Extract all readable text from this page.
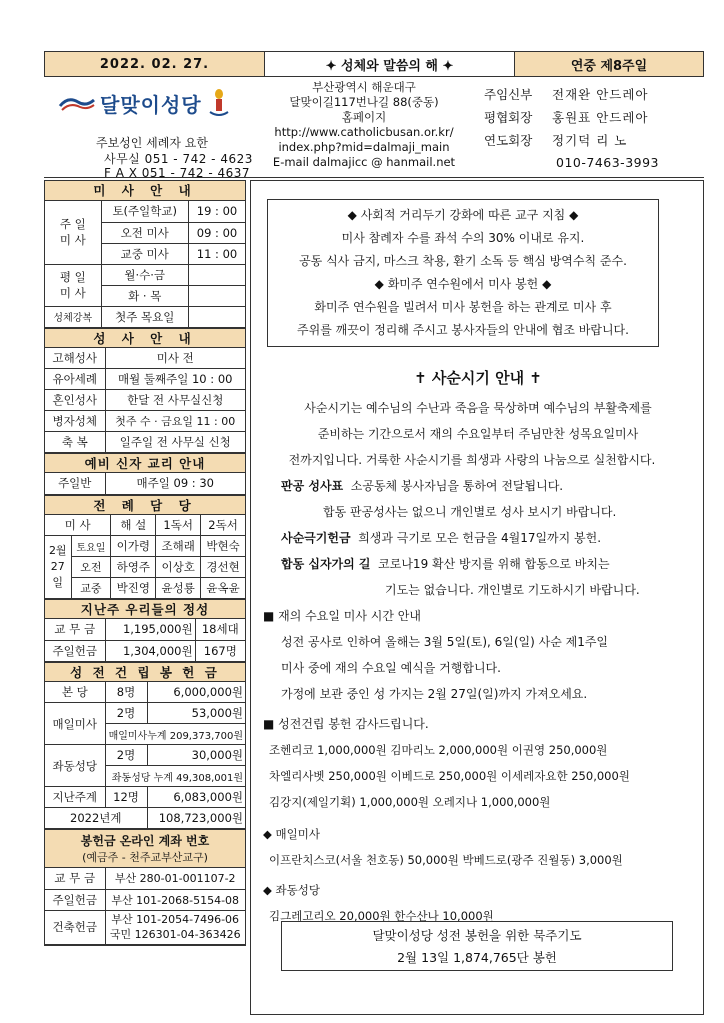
2022. 02. 27.	✦ 성체와 말씀의 해 ✦	연중 제8주일
달맞이성당
주보성인 세례자 요한
사무실 051 - 742 - 4623
F A X 051 - 742 - 4637
부산광역시 해운대구
달맞이길117번나길 88(중동)
홈페이지
http://www.catholicbusan.or.kr/
index.php?mid=dalmaji_main
E-mail dalmajicc @ hanmail.net
주임신부	전재완 안드레아
평협회장	홍원표 안드레아
연도회장	정기덕 리 노
010-7463-3993
미 사 안 내
주 일
미 사	토(주일학교)	19 : 00
	오전 미사	09 : 00
	교중 미사	11 : 00
평 일
미 사	월·수·금	
	화 · 목	
성체강복	첫주 목요일	
성 사 안 내
고해성사	미사 전
유아세례	매월 둘째주일 10 : 00
혼인성사	한달 전 사무실신청
병자성체	첫주 수 · 금요일 11 : 00
축 복	일주일 전 사무실 신청
예비 신자 교리 안내
주일반	매주일 09 : 30
전 례 담 당
미 사		해 설	1독서	2독서
2월
27일	토요일	이가령	조해래	박현숙
	오전	하영주	이상호	경선현
	교중	박진영	윤성룡	윤옥윤
지난주 우리들의 정성
교 무 금	1,195,000원	18세대
주일헌금	1,304,000원	167명
성 전 건 립 봉 헌 금
본 당	8명	6,000,000원
매일미사	2명	53,000원
	매일미사누계 209,373,700원	
좌동성당	2명	30,000원
	좌동성당 누계 49,308,001원	
지난주계	12명	6,083,000원
2022년계		108,723,000원
봉헌금 온라인 계좌 번호
(예금주 - 천주교부산교구)
교 무 금	부산 280-01-001107-2
주일헌금	부산 101-2068-5154-08
건축헌금	부산 101-2054-7496-06
국민 126301-04-363426
◆ 사회적 거리두기 강화에 따른 교구 지침 ◆
미사 참례자 수를 좌석 수의 30% 이내로 유지.
공동 식사 금지, 마스크 착용, 환기 소독 등 핵심 방역수칙 준수.
◆ 화미주 연수원에서 미사 봉헌 ◆
화미주 연수원을 빌려서 미사 봉헌을 하는 관계로 미사 후
주위를 깨끗이 정리해 주시고 봉사자들의 안내에 협조 바랍니다.
✝ 사순시기 안내 ✝
사순시기는 예수님의 수난과 죽음을 묵상하며 예수님의 부활축제를
준비하는 기간으로서 재의 수요일부터 주님만찬 성목요일미사
전까지입니다. 거룩한 사순시기를 희생과 사랑의 나눔으로 실천합시다.
판공 성사표 소공동체 봉사자님을 통하여 전달됩니다.
합동 판공성사는 없으니 개인별로 성사 보시기 바랍니다.
사순극기헌금 희생과 극기로 모은 헌금을 4월17일까지 봉헌.
합동 십자가의 길 코로나19 확산 방지를 위해 합동으로 바치는
기도는 없습니다. 개인별로 기도하시기 바랍니다.
■ 재의 수요일 미사 시간 안내
성전 공사로 인하여 올해는 3월 5일(토), 6일(일) 사순 제1주일
미사 중에 재의 수요일 예식을 거행합니다.
가정에 보관 중인 성 가지는 2월 27일(일)까지 가져오세요.
■ 성전건립 봉헌 감사드립니다.
조헨리코 1,000,000원 김마리노 2,000,000원 이권영 250,000원
차엘리사벳 250,000원 이베드로 250,000원 이세레자요한 250,000원
김강지(제일기획) 1,000,000원 오레지나 1,000,000원
◆ 매일미사
이프란치스코(서울 천호동) 50,000원 박베드로(광주 진월동) 3,000원
◆ 좌동성당
김그레고리오 20,000원 한수산나 10,000원
달맞이성당 성전 봉헌을 위한 묵주기도
2월 13일 1,874,765단 봉헌
